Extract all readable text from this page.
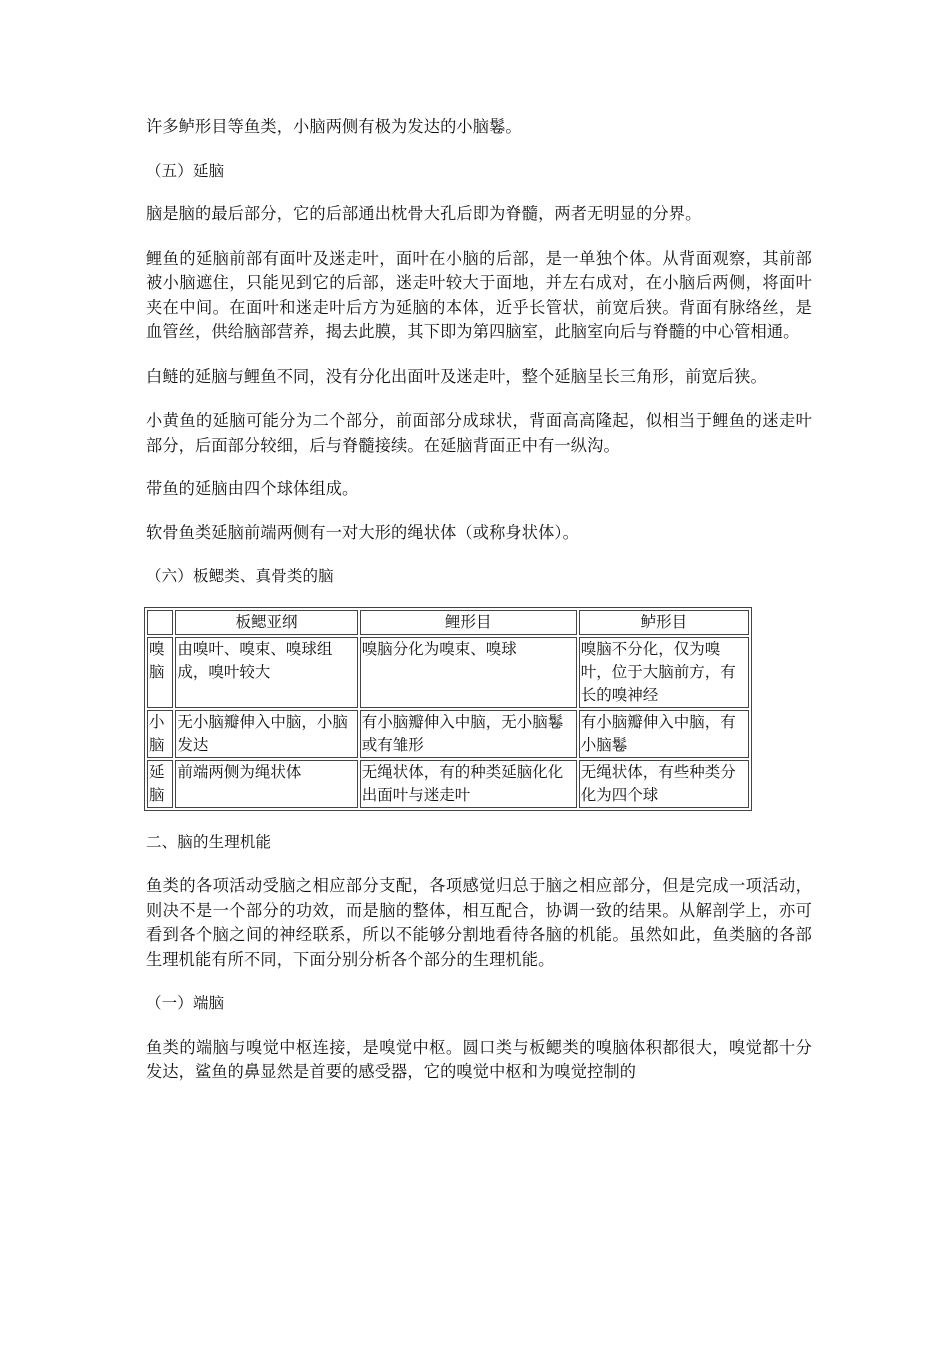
许多鲈形目等鱼类，小脑两侧有极为发达的小脑鬈。

（五）延脑

脑是脑的最后部分，它的后部通出枕骨大孔后即为脊髓，两者无明显的分界。

鲤鱼的延脑前部有面叶及迷走叶，面叶在小脑的后部，是一单独个体。从背面观察，其前部被小脑遮住，只能见到它的后部，迷走叶较大于面地，并左右成对，在小脑后两侧，将面叶夹在中间。在面叶和迷走叶后方为延脑的本体，近乎长管状，前宽后狭。背面有脉络丝，是血管丝，供给脑部营养，揭去此膜，其下即为第四脑室，此脑室向后与脊髓的中心管相通。

白鲢的延脑与鲤鱼不同，没有分化出面叶及迷走叶，整个延脑呈长三角形，前宽后狭。

小黄鱼的延脑可能分为二个部分，前面部分成球状，背面高高隆起，似相当于鲤鱼的迷走叶部分，后面部分较细，后与脊髓接续。在延脑背面正中有一纵沟。

带鱼的延脑由四个球体组成。

软骨鱼类延脑前端两侧有一对大形的绳状体（或称身状体）。

（六）板鳃类、真骨类的脑

	板鳃亚纲	鲤形目	鲈形目
嗅脑	由嗅叶、嗅束、嗅球组成，嗅叶较大	嗅脑分化为嗅束、嗅球	嗅脑不分化，仅为嗅叶，位于大脑前方，有长的嗅神经
小脑	无小脑瓣伸入中脑，小脑发达	有小脑瓣伸入中脑，无小脑鬈或有雏形	有小脑瓣伸入中脑，有小脑鬈
延脑	前端两侧为绳状体	无绳状体，有的种类延脑化化出面叶与迷走叶	无绳状体，有些种类分化为四个球

二、脑的生理机能

鱼类的各项活动受脑之相应部分支配，各项感觉归总于脑之相应部分，但是完成一项活动，则决不是一个部分的功效，而是脑的整体，相互配合，协调一致的结果。从解剖学上，亦可看到各个脑之间的神经联系，所以不能够分割地看待各脑的机能。虽然如此，鱼类脑的各部生理机能有所不同，下面分别分析各个部分的生理机能。

（一）端脑

鱼类的端脑与嗅觉中枢连接，是嗅觉中枢。圆口类与板鳃类的嗅脑体积都很大，嗅觉都十分发达，鲨鱼的鼻显然是首要的感受器，它的嗅觉中枢和为嗅觉控制的
